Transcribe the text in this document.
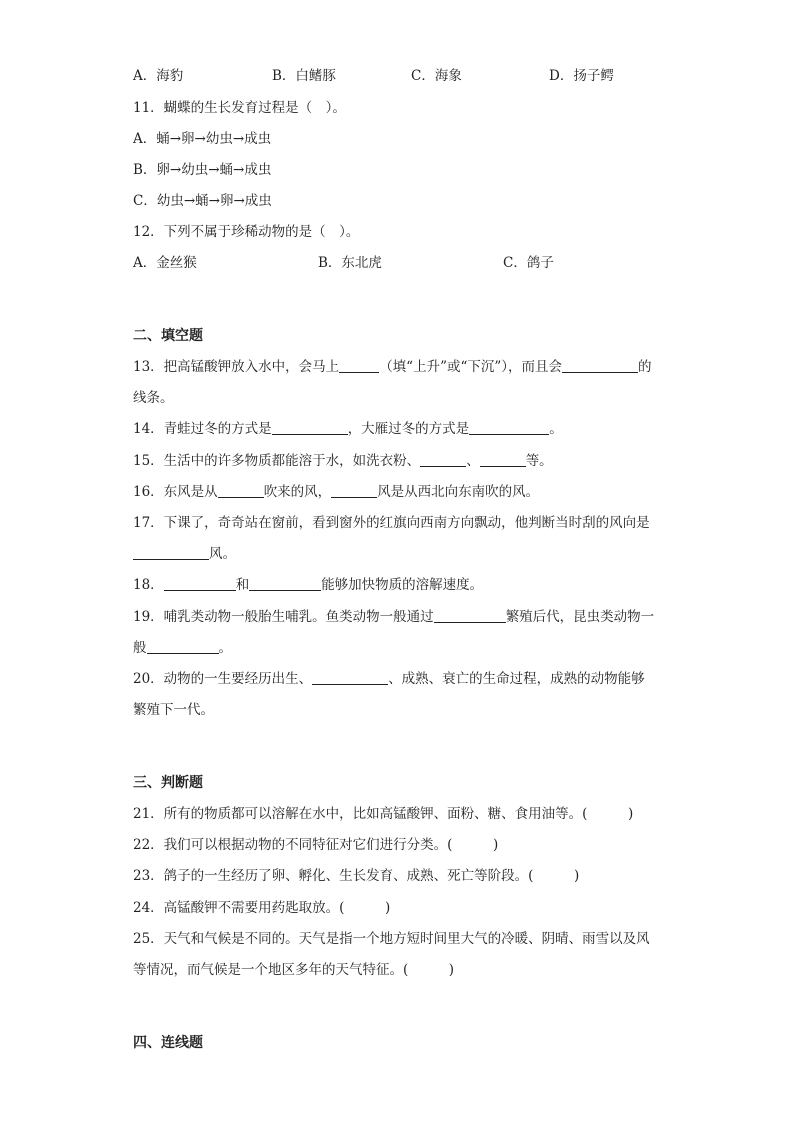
A．海豹	B．白鳍豚	C．海象	D．扬子鳄
11．蝴蝶的生长发育过程是（　）。
A．蛹→卵→幼虫→成虫
B．卵→幼虫→蛹→成虫
C．幼虫→蛹→卵→成虫
12．下列不属于珍稀动物的是（　）。
A．金丝猴	B．东北虎	C．鸽子
二、填空题
13．把高锰酸钾放入水中，会马上	（填“上升”或“下沉”），而且会	的
线条。
14．青蛙过冬的方式是	，大雁过冬的方式是	。
15．生活中的许多物质都能溶于水，如洗衣粉、	、	等。
16．东风是从	吹来的风，	风是从西北向东南吹的风。
17．下课了，奇奇站在窗前，看到窗外的红旗向西南方向飘动，他判断当时刮的风向是
风。
18．	和	能够加快物质的溶解速度。
19．哺乳类动物一般胎生哺乳。鱼类动物一般通过	繁殖后代，昆虫类动物一
般	。
20．动物的一生要经历出生、	、成熟、衰亡的生命过程，成熟的动物能够
繁殖下一代。
三、判断题
21．所有的物质都可以溶解在水中，比如高锰酸钾、面粉、糖、食用油等。(　　　)
22．我们可以根据动物的不同特征对它们进行分类。(　　　)
23．鸽子的一生经历了卵、孵化、生长发育、成熟、死亡等阶段。(　　　)
24．高锰酸钾不需要用药匙取放。(　　　)
25．天气和气候是不同的。天气是指一个地方短时间里大气的冷暖、阴晴、雨雪以及风
等情况，而气候是一个地区多年的天气特征。(　　　)
四、连线题
